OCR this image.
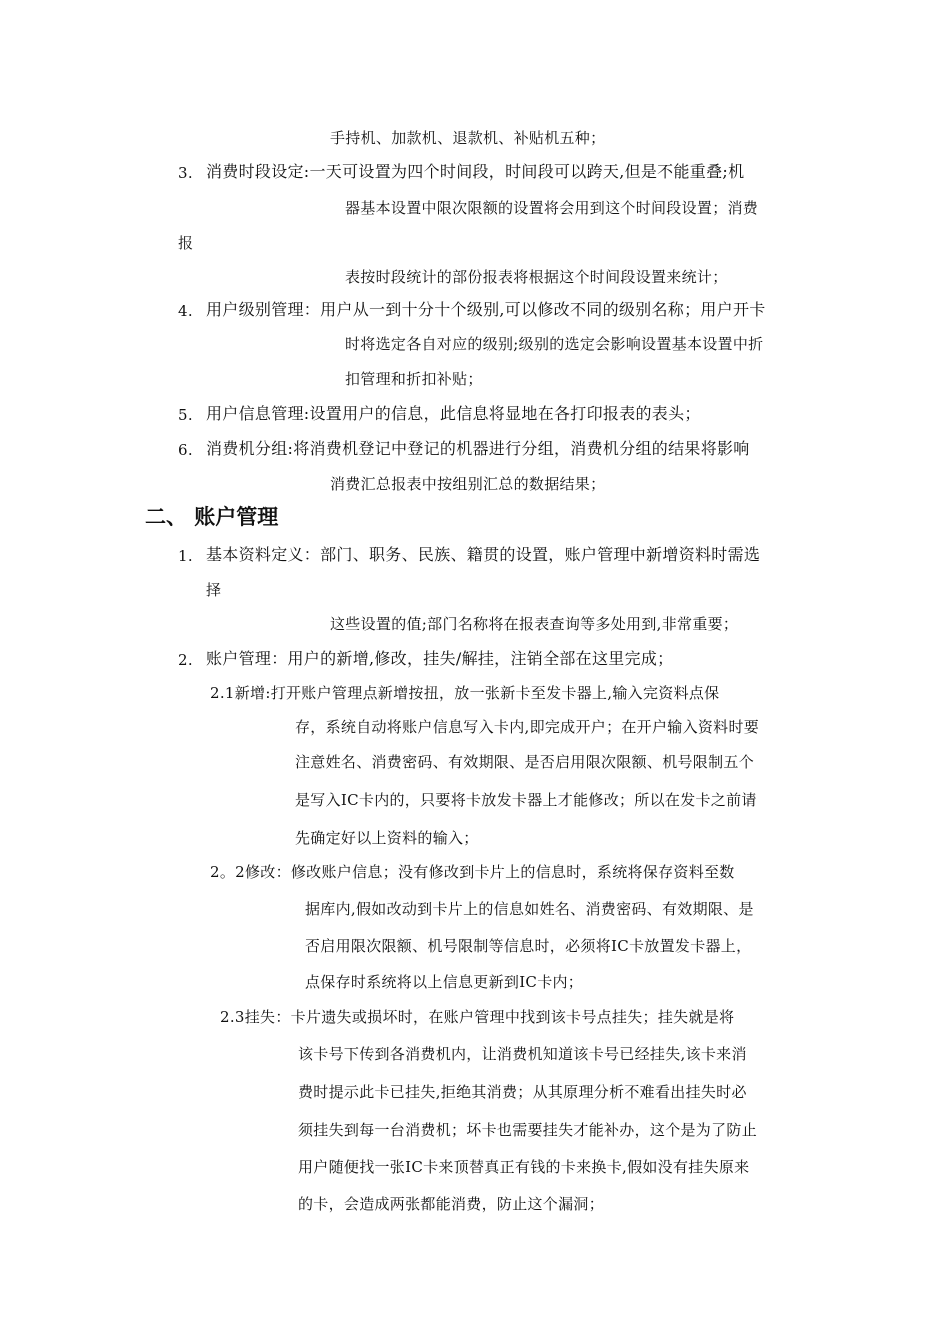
手持机、加款机、退款机、补贴机五种；
3. 消费时段设定:一天可设置为四个时间段，时间段可以跨天,但是不能重叠;机
器基本设置中限次限额的设置将会用到这个时间段设置；消费
报
表按时段统计的部份报表将根据这个时间段设置来统计；
4. 用户级别管理：用户从一到十分十个级别,可以修改不同的级别名称；用户开卡
时将选定各自对应的级别;级别的选定会影响设置基本设置中折
扣管理和折扣补贴；
5. 用户信息管理:设置用户的信息，此信息将显地在各打印报表的表头；
6. 消费机分组:将消费机登记中登记的机器进行分组，消费机分组的结果将影响
消费汇总报表中按组别汇总的数据结果；
二、 账户管理
1. 基本资料定义：部门、职务、民族、籍贯的设置，账户管理中新增资料时需选
择
这些设置的值;部门名称将在报表查询等多处用到,非常重要；
2. 账户管理：用户的新增,修改，挂失/解挂，注销全部在这里完成；
2.1新增:打开账户管理点新增按扭，放一张新卡至发卡器上,输入完资料点保
存，系统自动将账户信息写入卡内,即完成开户；在开户输入资料时要
注意姓名、消费密码、有效期限、是否启用限次限额、机号限制五个
是写入IC卡内的，只要将卡放发卡器上才能修改；所以在发卡之前请
先确定好以上资料的输入；
2。2修改：修改账户信息；没有修改到卡片上的信息时，系统将保存资料至数
据库内,假如改动到卡片上的信息如姓名、消费密码、有效期限、是
否启用限次限额、机号限制等信息时，必须将IC卡放置发卡器上，
点保存时系统将以上信息更新到IC卡内；
2.3挂失：卡片遗失或损坏时，在账户管理中找到该卡号点挂失；挂失就是将
该卡号下传到各消费机内，让消费机知道该卡号已经挂失,该卡来消
费时提示此卡已挂失,拒绝其消费；从其原理分析不难看出挂失时必
须挂失到每一台消费机；坏卡也需要挂失才能补办，这个是为了防止
用户随便找一张IC卡来顶替真正有钱的卡来换卡,假如没有挂失原来
的卡，会造成两张都能消费，防止这个漏洞；
